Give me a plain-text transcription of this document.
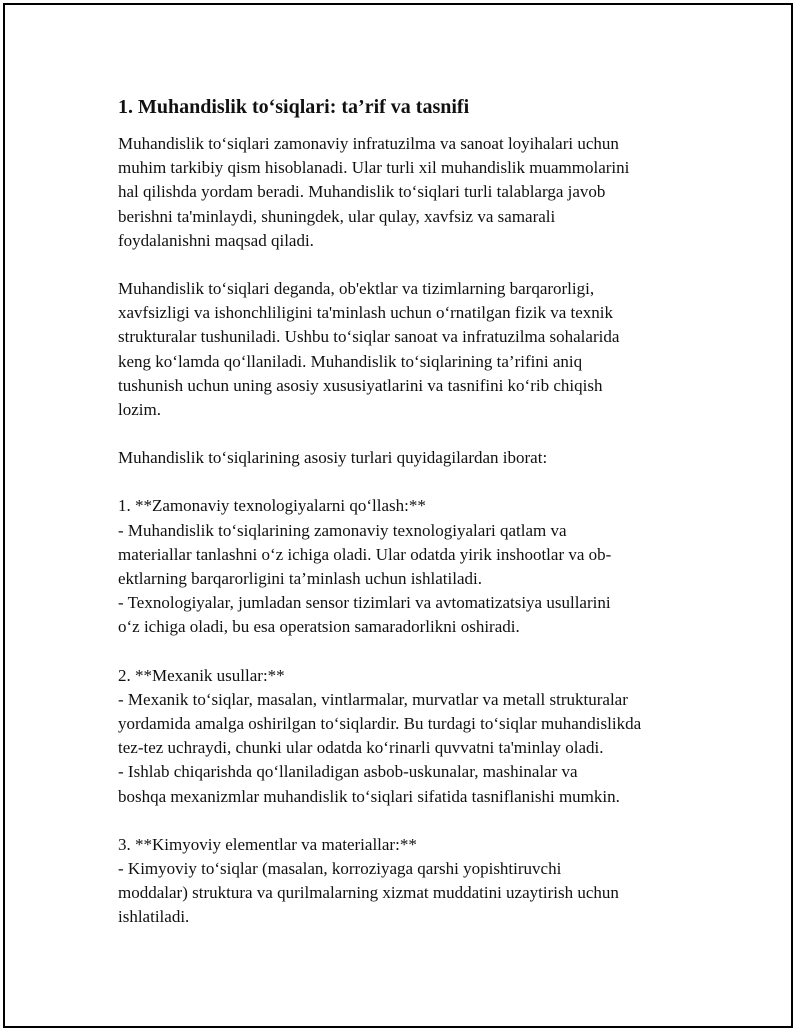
1. Muhandislik to‘siqlari: ta’rif va tasnifi
Muhandislik to‘siqlari zamonaviy infratuzilma va sanoat loyihalari uchun
muhim tarkibiy qism hisoblanadi. Ular turli xil muhandislik muammolarini
hal qilishda yordam beradi. Muhandislik to‘siqlari turli talablarga javob
berishni ta'minlaydi, shuningdek, ular qulay, xavfsiz va samarali
foydalanishni maqsad qiladi.
Muhandislik to‘siqlari deganda, ob'ektlar va tizimlarning barqarorligi,
xavfsizligi va ishonchliligini ta'minlash uchun o‘rnatilgan fizik va texnik
strukturalar tushuniladi. Ushbu to‘siqlar sanoat va infratuzilma sohalarida
keng ko‘lamda qo‘llaniladi. Muhandislik to‘siqlarining ta’rifini aniq
tushunish uchun uning asosiy xususiyatlarini va tasnifini ko‘rib chiqish
lozim.
Muhandislik to‘siqlarining asosiy turlari quyidagilardan iborat:
1. **Zamonaviy texnologiyalarni qo‘llash:**
- Muhandislik to‘siqlarining zamonaviy texnologiyalari qatlam va
materiallar tanlashni o‘z ichiga oladi. Ular odatda yirik inshootlar va ob-
ektlarning barqarorligini ta’minlash uchun ishlatiladi.
- Texnologiyalar, jumladan sensor tizimlari va avtomatizatsiya usullarini
o‘z ichiga oladi, bu esa operatsion samaradorlikni oshiradi.
2. **Mexanik usullar:**
- Mexanik to‘siqlar, masalan, vintlarmalar, murvatlar va metall strukturalar
yordamida amalga oshirilgan to‘siqlardir. Bu turdagi to‘siqlar muhandislikda
tez-tez uchraydi, chunki ular odatda ko‘rinarli quvvatni ta'minlay oladi.
- Ishlab chiqarishda qo‘llaniladigan asbob-uskunalar, mashinalar va
boshqa mexanizmlar muhandislik to‘siqlari sifatida tasniflanishi mumkin.
3. **Kimyoviy elementlar va materiallar:**
- Kimyoviy to‘siqlar (masalan, korroziyaga qarshi yopishtiruvchi
moddalar) struktura va qurilmalarning xizmat muddatini uzaytirish uchun
ishlatiladi.
